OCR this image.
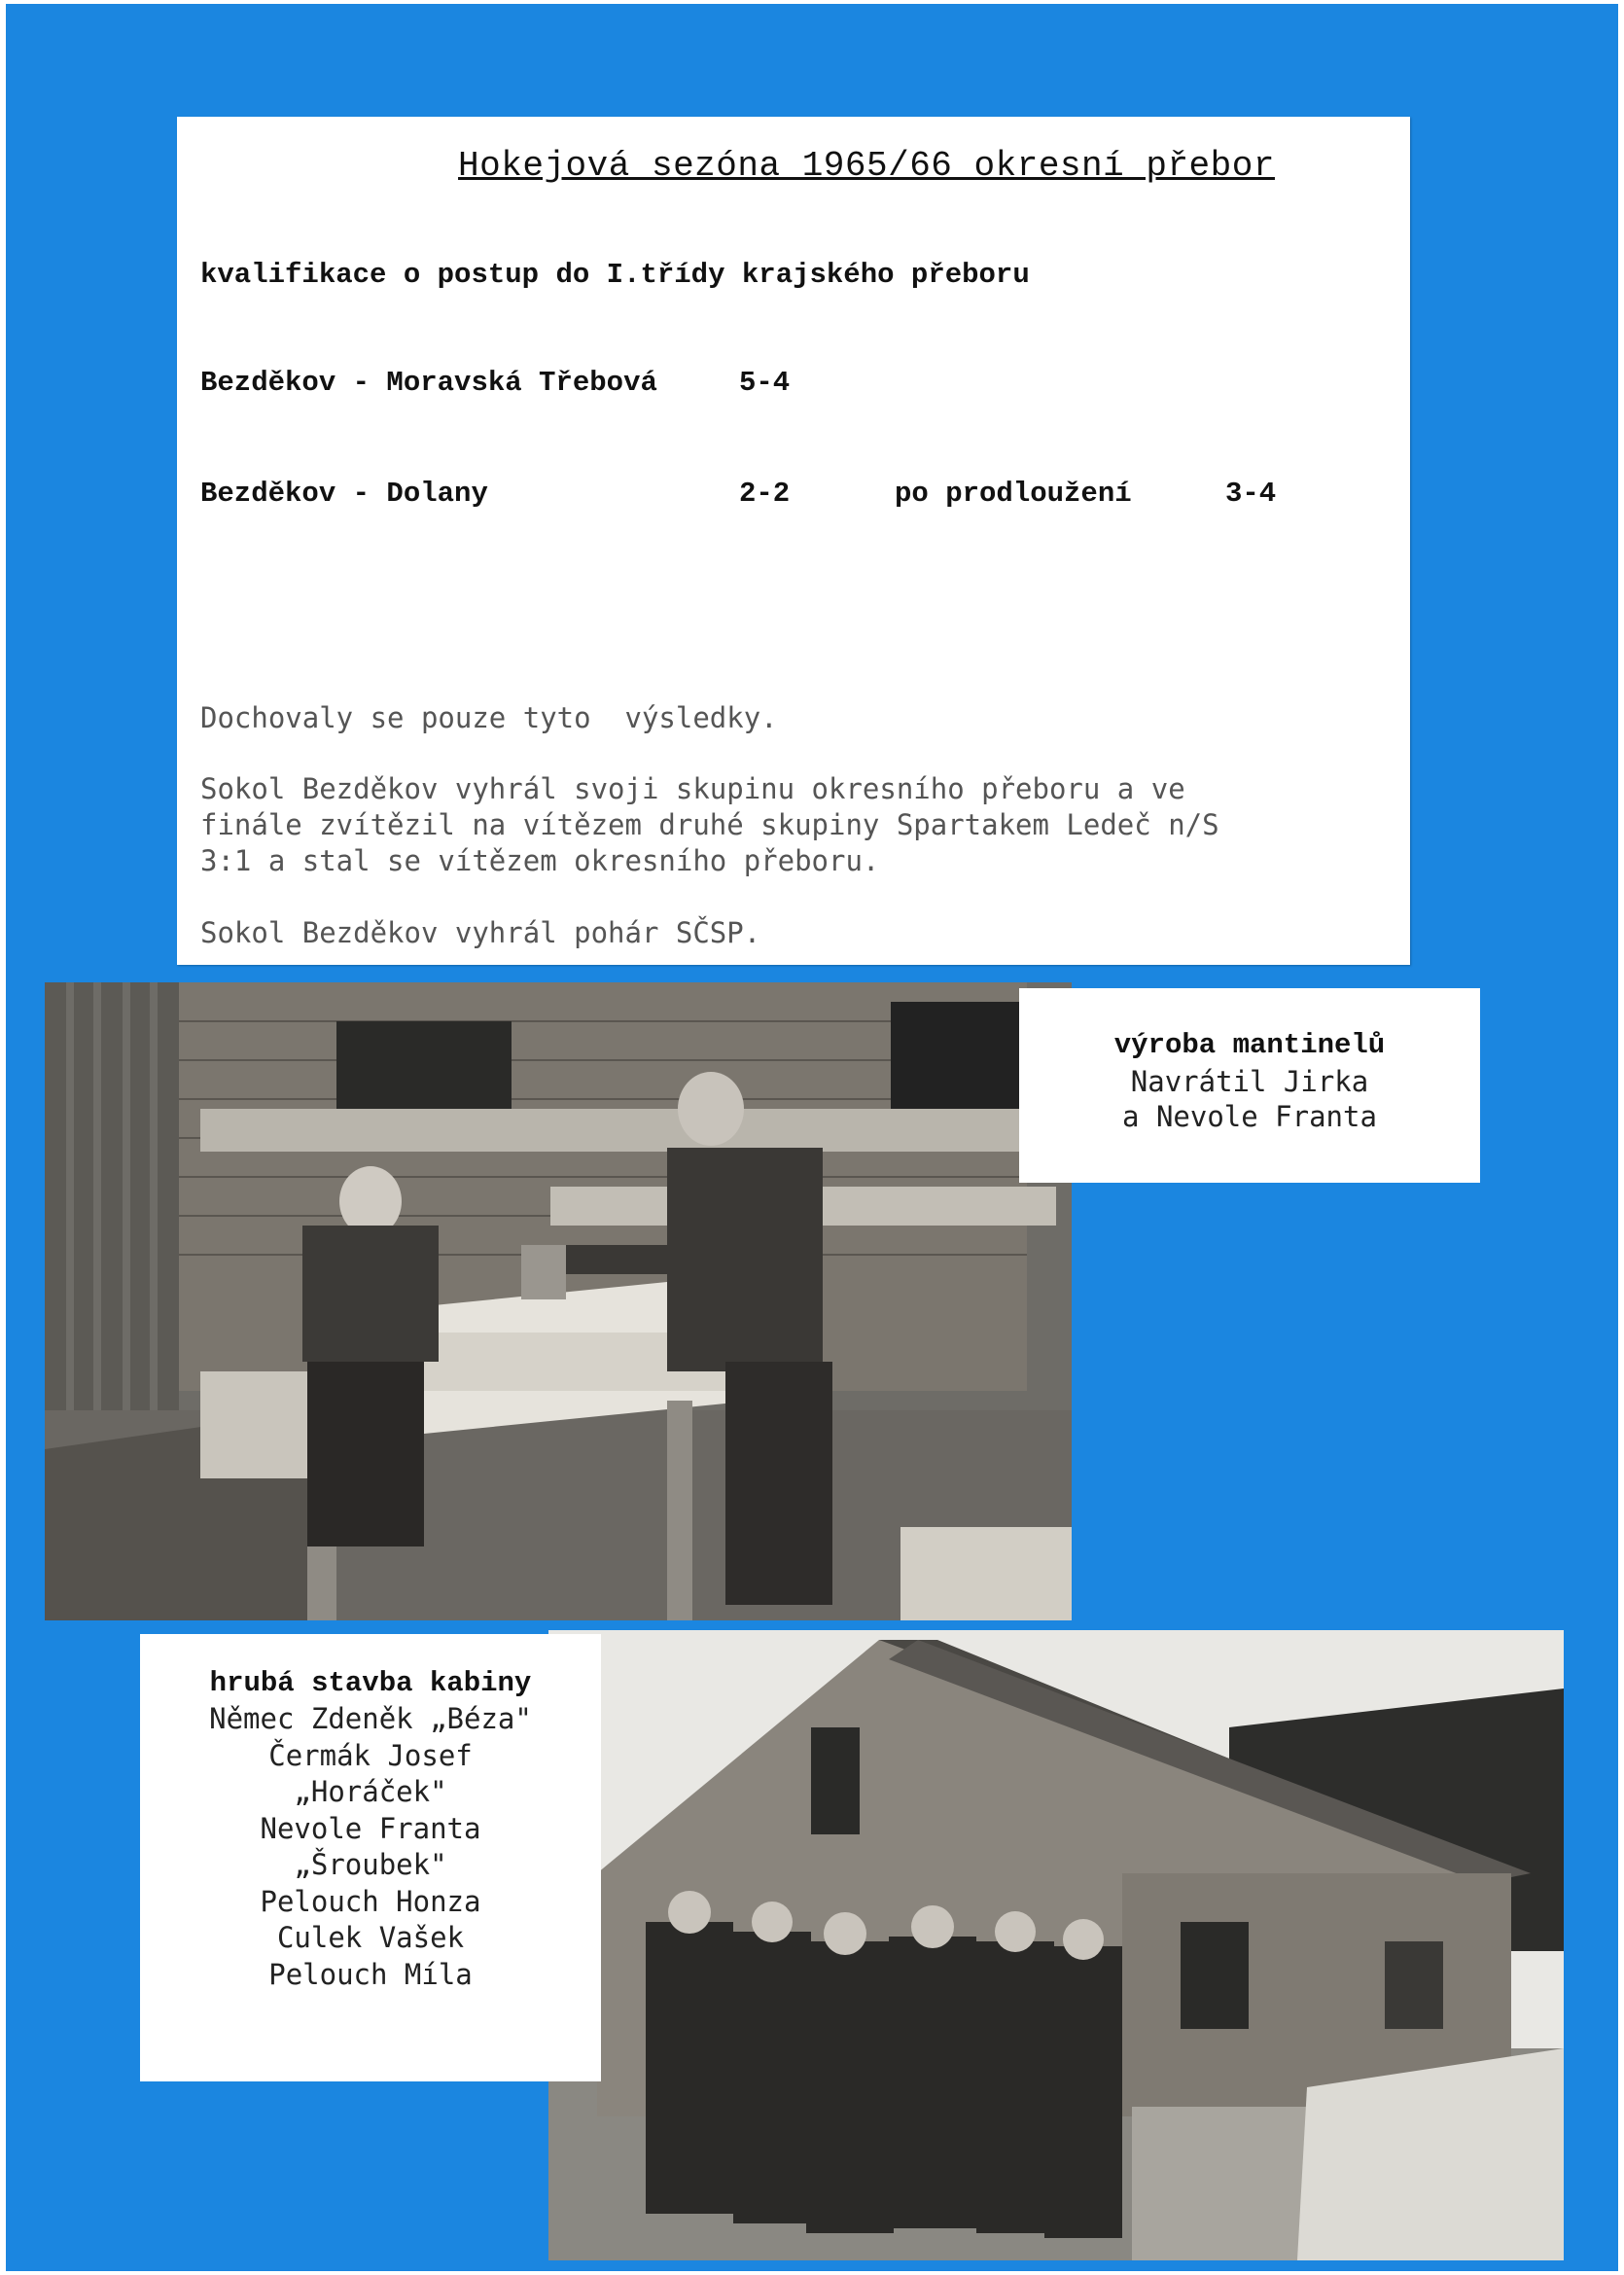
Hokejová sezóna 1965/66 okresní přebor
kvalifikace o postup do I.třídy krajského přeboru
Bezděkov - Moravská Třebová	5-4
Bezděkov - Dolany	2-2	po prodloužení	3-4
Dochovaly se pouze tyto  výsledky.
Sokol Bezděkov vyhrál svoji skupinu okresního přeboru a ve
finále zvítězil na vítězem druhé skupiny Spartakem Ledeč n/S
3:1 a stal se vítězem okresního přeboru.
Sokol Bezděkov vyhrál pohár SČSP.
výroba mantinelů
Navrátil Jirka
a Nevole Franta
hrubá stavba kabiny
Němec Zdeněk „Béza"
Čermák Josef
„Horáček"
Nevole Franta
„Šroubek"
Pelouch Honza
Culek Vašek
Pelouch Míla
